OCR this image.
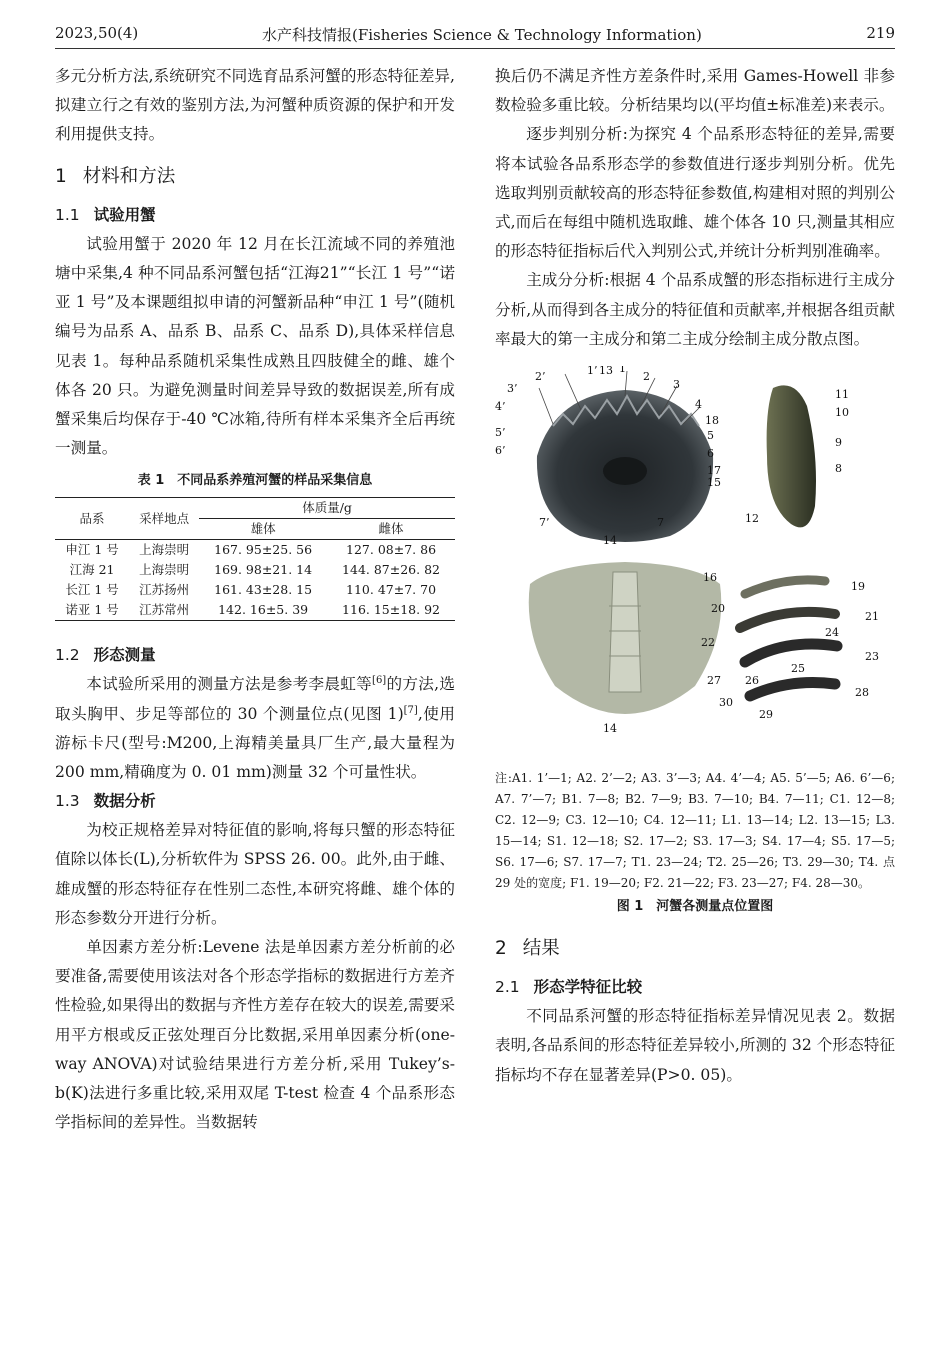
2023,50(4)	水产科技情报(Fisheries Science & Technology Information)	219

多元分析方法,系统研究不同选育品系河蟹的形态特征差异,拟建立行之有效的鉴别方法,为河蟹种质资源的保护和开发利用提供支持。

1 材料和方法
1.1 试验用蟹

试验用蟹于 2020 年 12 月在长江流域不同的养殖池塘中采集,4 种不同品系河蟹包括“江海21”“长江 1 号”“诺亚 1 号”及本课题组拟申请的河蟹新品种“申江 1 号”(随机编号为品系 A、品系 B、品系 C、品系 D),具体采样信息见表 1。每种品系随机采集性成熟且四肢健全的雌、雄个体各 20 只。为避免测量时间差异导致的数据误差,所有成蟹采集后均保存于-40 ℃冰箱,待所有样本采集齐全后再统一测量。

表 1　不同品系养殖河蟹的样品采集信息
品系	采样地点	体质量/g	
		雄体	雌体
申江 1 号	上海崇明	167. 95±25. 56	127. 08±7. 86
江海 21	上海崇明	169. 98±21. 14	144. 87±26. 82
长江 1 号	江苏扬州	161. 43±28. 15	110. 47±7. 70
诺亚 1 号	江苏常州	142. 16±5. 39	116. 15±18. 92
1.2 形态测量

本试验所采用的测量方法是参考李晨虹等[6]的方法,选取头胸甲、步足等部位的 30 个测量位点(见图 1)[7],使用游标卡尺(型号:M200,上海精美量具厂生产,最大量程为 200 mm,精确度为 0. 01 mm)测量 32 个可量性状。

1.3 数据分析

为校正规格差异对特征值的影响,将每只蟹的形态特征值除以体长(L),分析软件为 SPSS 26. 00。此外,由于雌、雄成蟹的形态特征存在性别二态性,本研究将雌、雄个体的形态参数分开进行分析。

单因素方差分析:Levene 法是单因素方差分析前的必要准备,需要使用该法对各个形态学指标的数据进行方差齐性检验,如果得出的数据与齐性方差存在较大的误差,需要采用平方根或反正弦处理百分比数据,采用单因素分析(one-way ANOVA)对试验结果进行方差分析,采用 Tukey’s-b(K)法进行多重比较,采用双尾 T-test 检查 4 个品系形态学指标间的差异性。当数据转

换后仍不满足齐性方差条件时,采用 Games-Howell 非参数检验多重比较。分析结果均以(平均值±标准差)来表示。

逐步判别分析:为探究 4 个品系形态特征的差异,需要将本试验各品系形态学的参数值进行逐步判别分析。优先选取判别贡献较高的形态特征参数值,构建相对照的判别公式,而后在每组中随机选取雌、雄个体各 10 只,测量其相应的形态特征指标后代入判别公式,并统计分析判别准确率。

主成分分析:根据 4 个品系成蟹的形态指标进行主成分分析,从而得到各主成分的特征值和贡献率,并根据各组贡献率最大的第一主成分和第二主成分绘制主成分散点图。

3’
2’	1’ 13 1
2
3
4’	4
18
5’	5
6’	6
17
15
7’	7
14
11
10
9
8
12
16
14
19
20
21
22
24
23
25
26
27
28
29
30
注:A1. 1’—1; A2. 2’—2; A3. 3’—3; A4. 4’—4; A5. 5’—5; A6. 6’—6; A7. 7’—7; B1. 7—8; B2. 7—9; B3. 7—10; B4. 7—11; C1. 12—8; C2. 12—9; C3. 12—10; C4. 12—11; L1. 13—14; L2. 13—15; L3. 15—14; S1. 12—18; S2. 17—2; S3. 17—3; S4. 17—4; S5. 17—5; S6. 17—6; S7. 17—7; T1. 23—24; T2. 25—26; T3. 29—30; T4. 点 29 处的宽度; F1. 19—20; F2. 21—22; F3. 23—27; F4. 28—30。
图 1　河蟹各测量点位置图
2 结果
2.1 形态学特征比较

不同品系河蟹的形态特征指标差异情况见表 2。数据表明,各品系间的形态特征差异较小,所测的 32 个形态特征指标均不存在显著差异(P>0. 05)。
